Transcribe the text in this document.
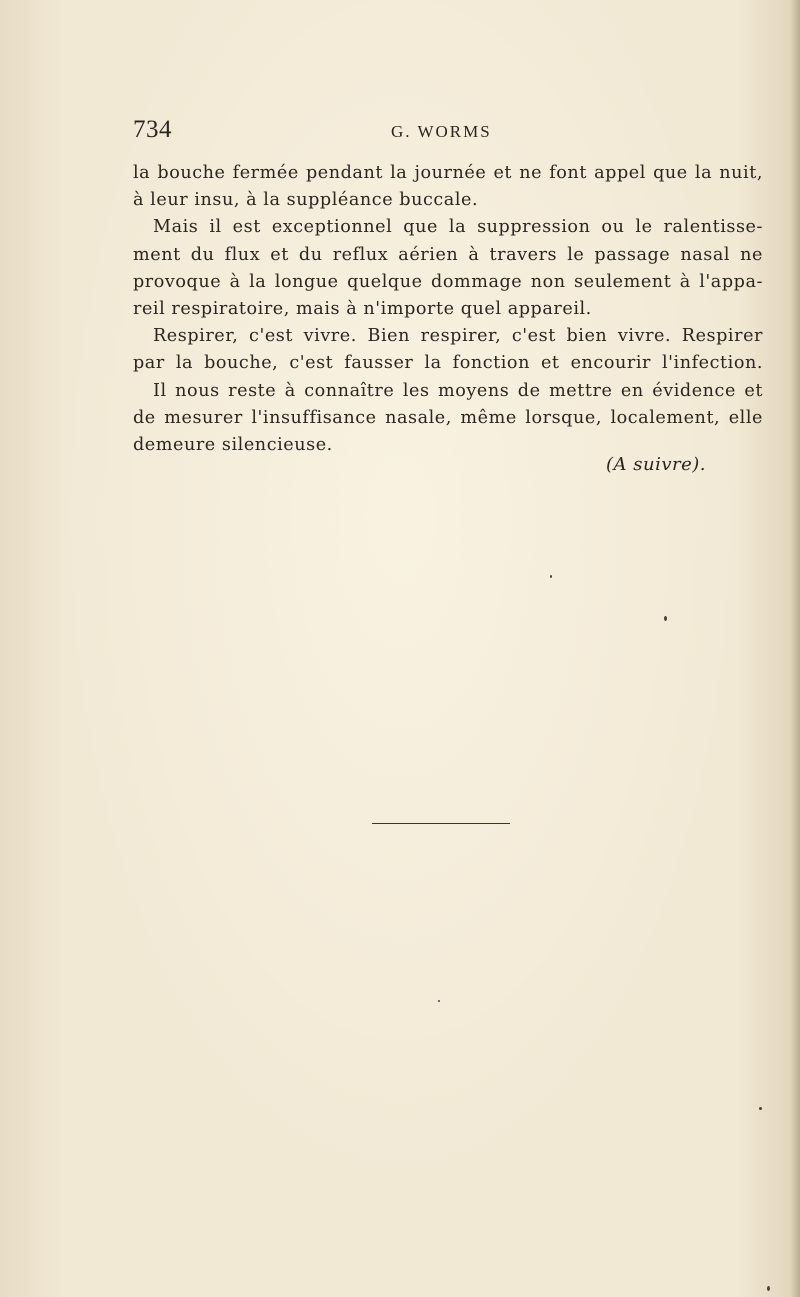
734	G. WORMS
la bouche fermée pendant la journée et ne font appel que la nuit,
à leur insu, à la suppléance buccale.
Mais il est exceptionnel que la suppression ou le ralentisse-
ment du flux et du reflux aérien à travers le passage nasal ne
provoque à la longue quelque dommage non seulement à l'appa-
reil respiratoire, mais à n'importe quel appareil.
Respirer, c'est vivre. Bien respirer, c'est bien vivre. Respirer
par la bouche, c'est fausser la fonction et encourir l'infection.
Il nous reste à connaître les moyens de mettre en évidence et
de mesurer l'insuffisance nasale, même lorsque, localement, elle
demeure silencieuse.
(A suivre).
